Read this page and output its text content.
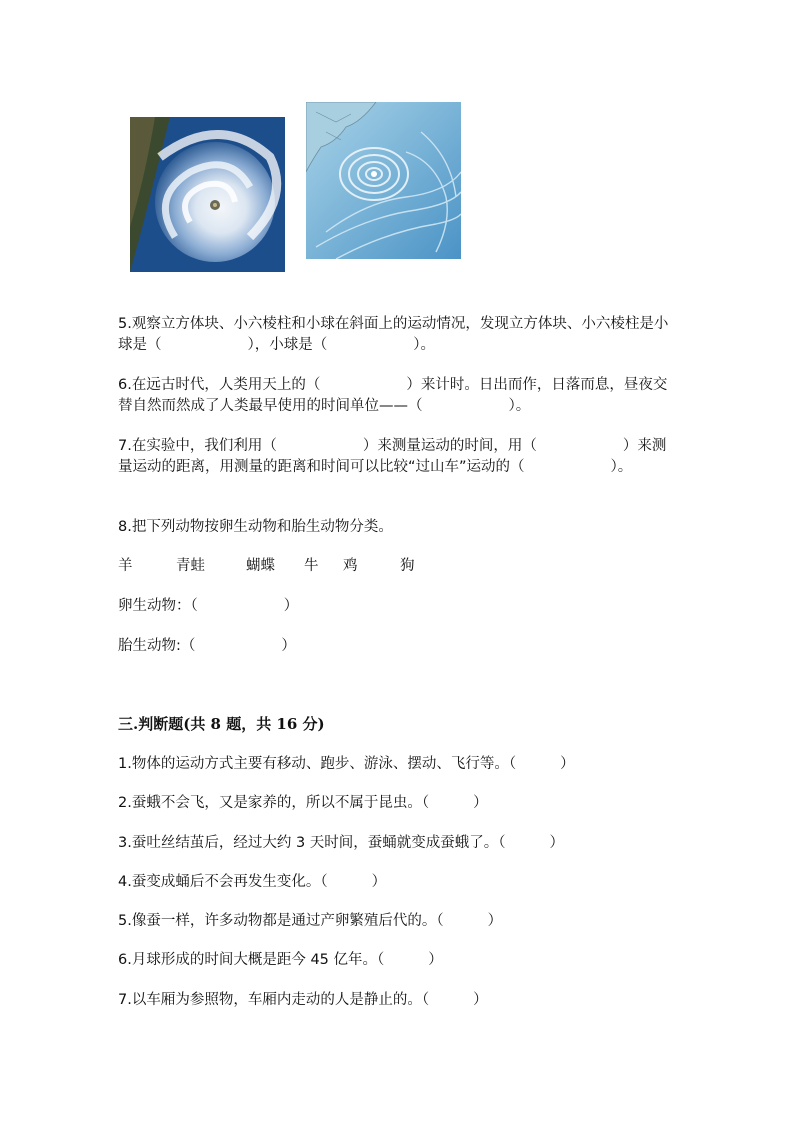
5.观察立方体块、小六棱柱和小球在斜面上的运动情况，发现立方体块、小六棱柱是小球是（	），小球是（	）。
6.在远古时代，人类用天上的（	）来计时。日出而作，日落而息，昼夜交替自然而然成了人类最早使用的时间单位——（	）。
7.在实验中，我们利用（	）来测量运动的时间，用（	）来测量运动的距离，用测量的距离和时间可以比较“过山车”运动的（	）。
8.把下列动物按卵生动物和胎生动物分类。
羊	青蛙	蝴蝶 牛 鸡	狗
卵生动物：（	）
胎生动物:（	）
三.判断题(共 8 题，共 16 分)
1.物体的运动方式主要有移动、跑步、游泳、摆动、飞行等。（	）
2.蚕蛾不会飞，又是家养的，所以不属于昆虫。（	）
3.蚕吐丝结茧后，经过大约 3 天时间，蚕蛹就变成蚕蛾了。（	）
4.蚕变成蛹后不会再发生变化。（	）
5.像蚕一样，许多动物都是通过产卵繁殖后代的。（	）
6.月球形成的时间大概是距今 45 亿年。（	）
7.以车厢为参照物，车厢内走动的人是静止的。（	）
